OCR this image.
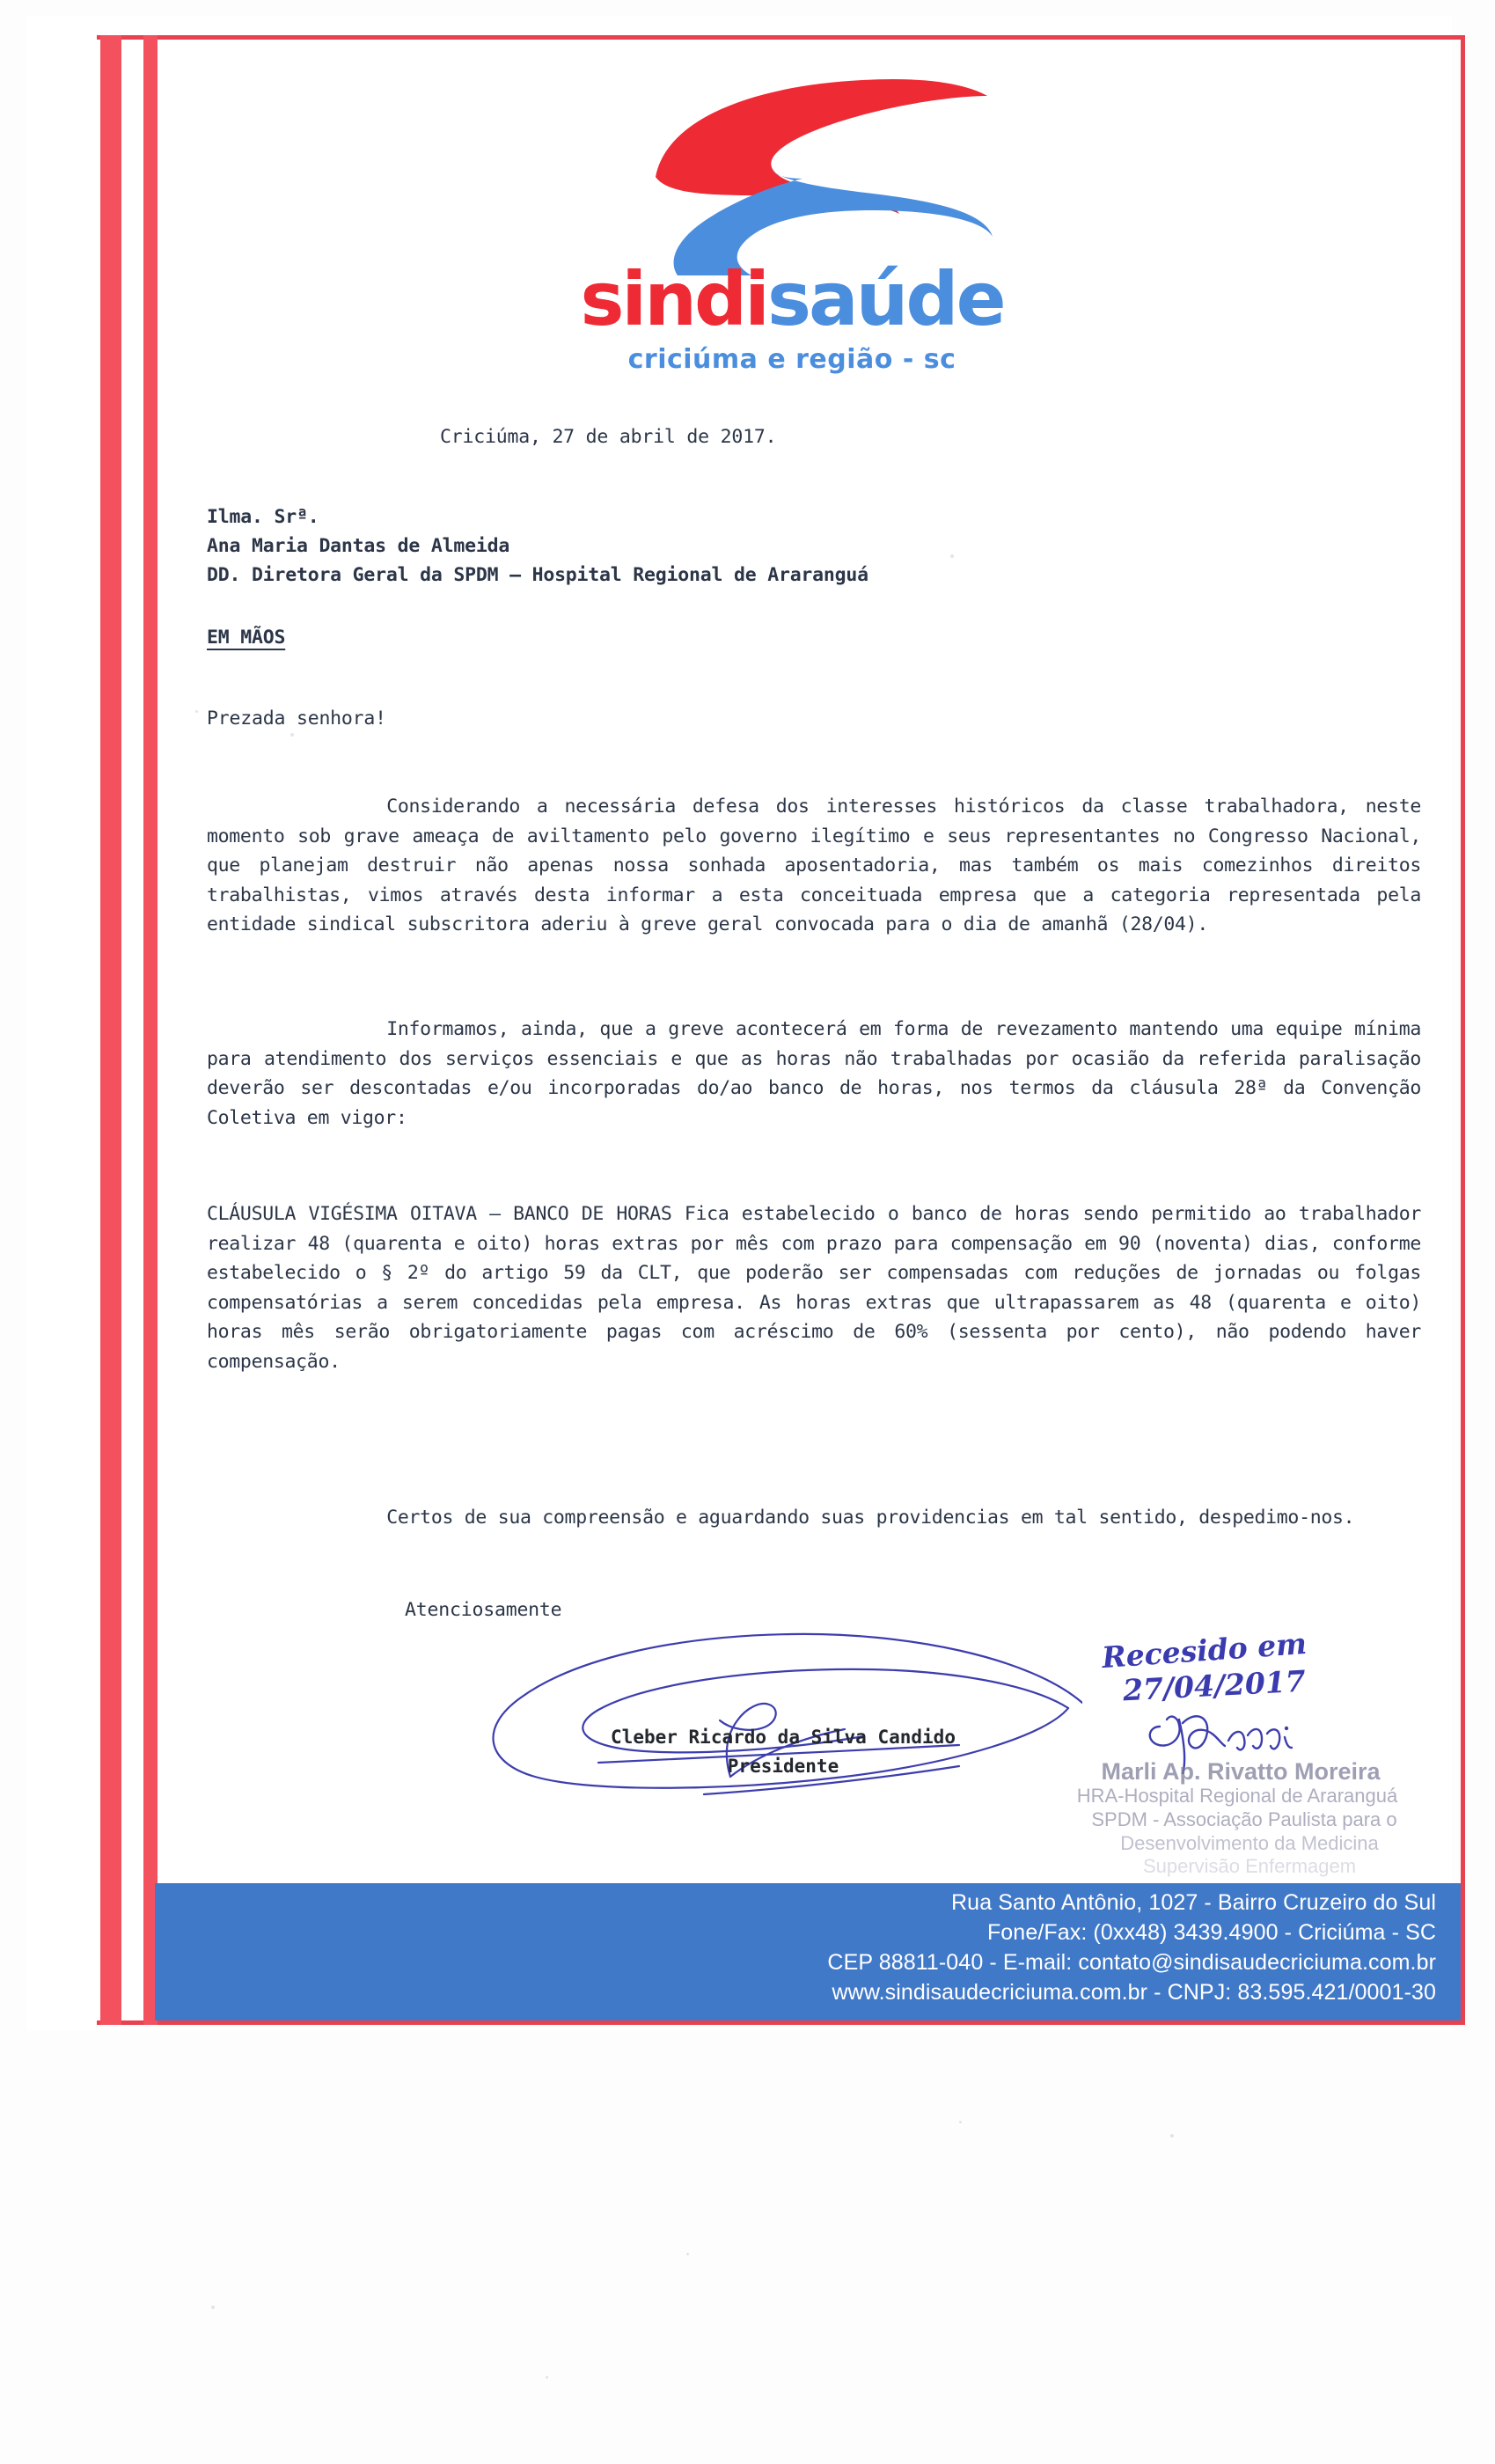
sindisaúde
criciúma e região - sc
Criciúma, 27 de abril de 2017.
Ilma. Srª.
Ana Maria Dantas de Almeida
DD. Diretora Geral da SPDM – Hospital Regional de Araranguá
EM MÃOS
Prezada senhora!
Considerando a necessária defesa dos interesses históricos da classe trabalhadora, neste momento sob grave ameaça de aviltamento pelo governo ilegítimo e seus representantes no Congresso Nacional, que planejam destruir não apenas nossa sonhada aposentadoria, mas também os mais comezinhos direitos trabalhistas, vimos através desta informar a esta conceituada empresa que a categoria representada pela entidade sindical subscritora aderiu à greve geral convocada para o dia de amanhã (28/04).
Informamos, ainda, que a greve acontecerá em forma de revezamento mantendo uma equipe mínima para atendimento dos serviços essenciais e que as horas não trabalhadas por ocasião da referida paralisação deverão ser descontadas e/ou incorporadas do/ao banco de horas, nos termos da cláusula 28ª da Convenção Coletiva em vigor:
CLÁUSULA VIGÉSIMA OITAVA – BANCO DE HORAS Fica estabelecido o banco de horas sendo permitido ao trabalhador realizar 48 (quarenta e oito) horas extras por mês com prazo para compensação em 90 (noventa) dias, conforme estabelecido o § 2º do artigo 59 da CLT, que poderão ser compensadas com reduções de jornadas ou folgas compensatórias a serem concedidas pela empresa. As horas extras que ultrapassarem as 48 (quarenta e oito) horas mês serão obrigatoriamente pagas com acréscimo de 60% (sessenta por cento), não podendo haver compensação.
Certos de sua compreensão e aguardando suas providencias em tal sentido, despedimo-nos.
Atenciosamente
Cleber Ricardo da Silva Candido
Presidente
Recesido em
27/04/2017
Marli Ap. Rivatto Moreira
HRA-Hospital Regional de Araranguá
SPDM - Associação Paulista para o
Desenvolvimento da Medicina
Supervisão Enfermagem
Rua Santo Antônio, 1027 - Bairro Cruzeiro do Sul
Fone/Fax: (0xx48) 3439.4900 - Criciúma - SC
CEP 88811-040 - E-mail: contato@sindisaudecriciuma.com.br
www.sindisaudecriciuma.com.br - CNPJ: 83.595.421/0001-30
